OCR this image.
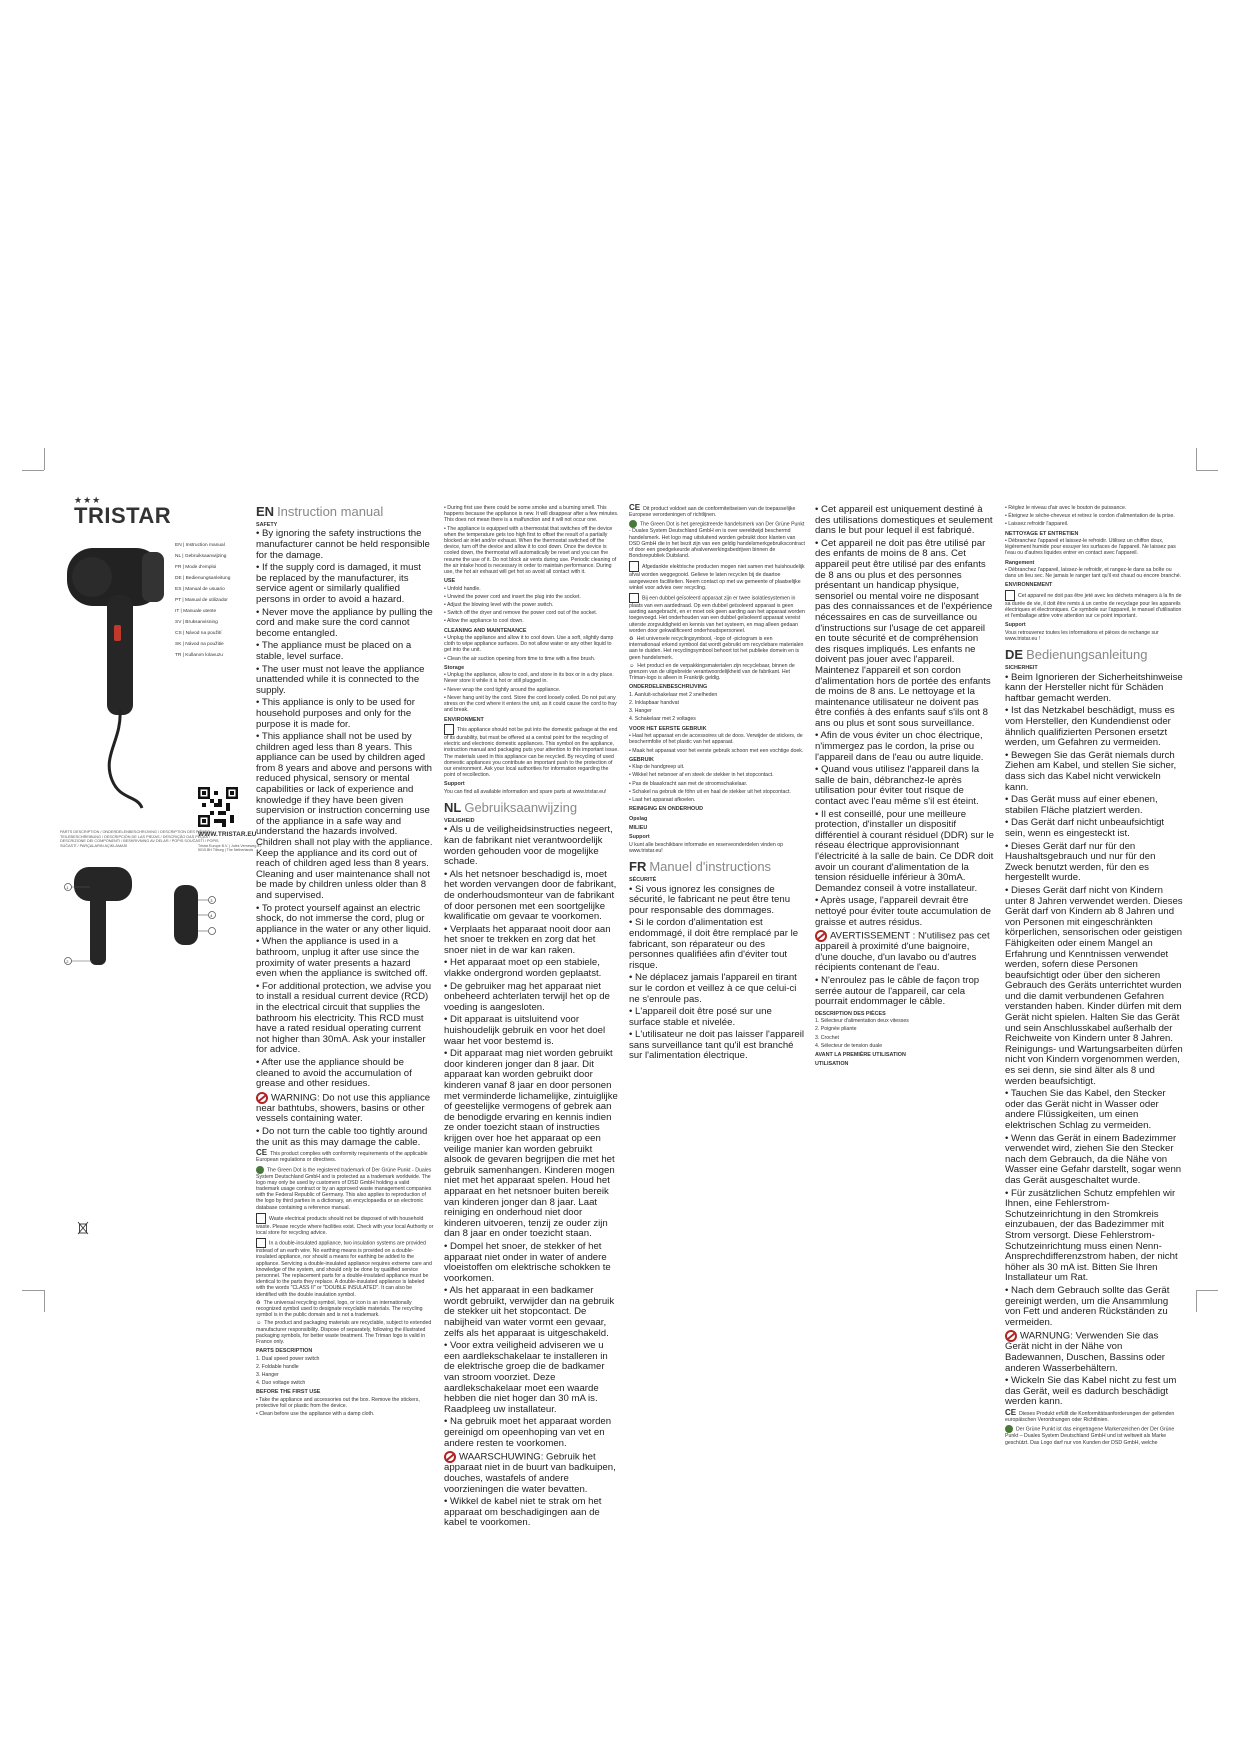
★★★
TRISTAR
EN | Instruction manual
NL | Gebruiksaanwijzing
FR | Mode d'emploi
DE | Bedienungsanleitung
ES | Manual de usuario
PT | Manual de utilizador
IT | Manuale utente
SV | Bruksanvisning
CS | Návod na použití
SK | Návod na použitie
TR | Kullanım kılavuzu
PARTS DESCRIPTION / ONDERDELENBESCHRIJVING / DESCRIPTION DES PIÈCES / TEILEBESCHREIBUNG / DESCRIPCIÓN DE LAS PIEZAS / DESCRIÇÃO DAS PEÇAS / DESCRIZIONE DEI COMPONENTI / BESKRIVNING AV DELAR / POPIS SOUČÁSTÍ / POPIS SÚČASTÍ / PARÇALARIN AÇIKLAMASI
1
2
3
4
WWW.TRISTAR.EU
Tristar Europe B.V. | Jules Verneweg 87 5015 BH Tilburg | The Netherlands
EN Instruction manual
SAFETY

• By ignoring the safety instructions the manufacturer cannot be held responsible for the damage.

• If the supply cord is damaged, it must be replaced by the manufacturer, its service agent or similarly qualified persons in order to avoid a hazard.

• Never move the appliance by pulling the cord and make sure the cord cannot become entangled.

• The appliance must be placed on a stable, level surface.

• The user must not leave the appliance unattended while it is connected to the supply.

• This appliance is only to be used for household purposes and only for the purpose it is made for.

• This appliance shall not be used by children aged less than 8 years. This appliance can be used by children aged from 8 years and above and persons with reduced physical, sensory or mental capabilities or lack of experience and knowledge if they have been given supervision or instruction concerning use of the appliance in a safe way and understand the hazards involved. Children shall not play with the appliance. Keep the appliance and its cord out of reach of children aged less than 8 years. Cleaning and user maintenance shall not be made by children unless older than 8 and supervised.

• To protect yourself against an electric shock, do not immerse the cord, plug or appliance in the water or any other liquid.

• When the appliance is used in a bathroom, unplug it after use since the proximity of water presents a hazard even when the appliance is switched off.

• For additional protection, we advise you to install a residual current device (RCD) in the electrical circuit that supplies the bathroom his electricity. This RCD must have a rated residual operating current not higher than 30mA. Ask your installer for advice.

• After use the appliance should be cleaned to avoid the accumulation of grease and other residues.

WARNING: Do not use this appliance near bathtubs, showers, basins or other vessels containing water.

• Do not turn the cable too tightly around the unit as this may damage the cable.

CE This product complies with conformity requirements of the applicable European regulations or directives.

The Green Dot is the registered trademark of Der Grüne Punkt - Duales System Deutschland GmbH and is protected as a trademark worldwide. The logo may only be used by customers of DSD GmbH holding a valid trademark usage contract or by an approved waste management companies with the Federal Republic of Germany. This also applies to reproduction of the logo by third parties in a dictionary, an encyclopaedia or an electronic database containing a reference manual.

Waste electrical products should not be disposed of with household waste. Please recycle where facilities exist. Check with your local Authority or local store for recycling advice.

In a double-insulated appliance, two insulation systems are provided instead of an earth wire. No earthing means is provided on a double-insulated appliance, nor should a means for earthing be added to the appliance. Servicing a double-insulated appliance requires extreme care and knowledge of the system, and should only be done by qualified service personnel. The replacement parts for a double-insulated appliance must be identical to the parts they replace. A double-insulated appliance is labeled with the words "CLASS II" or "DOUBLE INSULATED". It can also be identified with the double insulation symbol.

♻ The universal recycling symbol, logo, or icon is an internationally recognized symbol used to designate recyclable materials. The recycling symbol is in the public domain and is not a trademark.

☺ The product and packaging materials are recyclable, subject to extended manufacturer responsibility. Dispose of separately, following the illustrated packaging symbols, for better waste treatment. The Triman logo is valid in France only.

PARTS DESCRIPTION

1. Dual speed power switch

2. Foldable handle

3. Hanger

4. Duo voltage switch

BEFORE THE FIRST USE

• Take the appliance and accessories out the box. Remove the stickers, protective foil or plastic from the device.

• Clean before use the appliance with a damp cloth.

• During first use there could be some smoke and a burning smell. This happens because the appliance is new. It will disappear after a few minutes. This does not mean there is a malfunction and it will not occur one.

• The appliance is equipped with a thermostat that switches off the device when the temperature gets too high first to offset the result of a partially blocked air inlet and/or exhaust. When the thermostat switched off the device, turn off the device and allow it to cool down. Once the device is cooled down, the thermostat will automatically be reset and you can the resume the use of it. Do not block air vents during use. Periodic cleaning of the air intake hood is necessary in order to maintain performance. During use, the hot air exhaust will get hot so avoid all contact with it.

USE

• Unfold handle.

• Unwind the power cord and insert the plug into the socket.

• Adjust the blowing level with the power switch.

• Switch off the dryer and remove the power cord out of the socket.

• Allow the appliance to cool down.

CLEANING AND MAINTENANCE

• Unplug the appliance and allow it to cool down. Use a soft, slightly damp cloth to wipe appliance surfaces. Do not allow water or any other liquid to get into the unit.

• Clean the air suction opening from time to time with a fine brush.

Storage

• Unplug the appliance, allow to cool, and store in its box or in a dry place. Never store it while it is hot or still plugged in.

• Never wrap the cord tightly around the appliance.

• Never hang unit by the cord. Store the cord loosely coiled. Do not put any stress on the cord where it enters the unit, as it could cause the cord to fray and break.

ENVIRONMENT

This appliance should not be put into the domestic garbage at the end of its durability, but must be offered at a central point for the recycling of electric and electronic domestic appliances. This symbol on the appliance, instruction manual and packaging puts your attention to this important issue. The materials used in this appliance can be recycled. By recycling of used domestic appliances you contribute an important push to the protection of our environment. Ask your local authorities for information regarding the point of recollection.

Support

You can find all available information and spare parts at www.tristar.eu!

NL Gebruiksaanwijzing
VEILIGHEID

• Als u de veiligheidsinstructies negeert, kan de fabrikant niet verantwoordelijk worden gehouden voor de mogelijke schade.

• Als het netsnoer beschadigd is, moet het worden vervangen door de fabrikant, de onderhoudsmonteur van de fabrikant of door personen met een soortgelijke kwalificatie om gevaar te voorkomen.

• Verplaats het apparaat nooit door aan het snoer te trekken en zorg dat het snoer niet in de war kan raken.

• Het apparaat moet op een stabiele, vlakke ondergrond worden geplaatst.

• De gebruiker mag het apparaat niet onbeheerd achterlaten terwijl het op de voeding is aangesloten.

• Dit apparaat is uitsluitend voor huishoudelijk gebruik en voor het doel waar het voor bestemd is.

• Dit apparaat mag niet worden gebruikt door kinderen jonger dan 8 jaar. Dit apparaat kan worden gebruikt door kinderen vanaf 8 jaar en door personen met verminderde lichamelijke, zintuiglijke of geestelijke vermogens of gebrek aan de benodigde ervaring en kennis indien ze onder toezicht staan of instructies krijgen over hoe het apparaat op een veilige manier kan worden gebruikt alsook de gevaren begrijpen die met het gebruik samenhangen. Kinderen mogen niet met het apparaat spelen. Houd het apparaat en het netsnoer buiten bereik van kinderen jonger dan 8 jaar. Laat reiniging en onderhoud niet door kinderen uitvoeren, tenzij ze ouder zijn dan 8 jaar en onder toezicht staan.

• Dompel het snoer, de stekker of het apparaat niet onder in water of andere vloeistoffen om elektrische schokken te voorkomen.

• Als het apparaat in een badkamer wordt gebruikt, verwijder dan na gebruik de stekker uit het stopcontact. De nabijheid van water vormt een gevaar, zelfs als het apparaat is uitgeschakeld.

• Voor extra veiligheid adviseren we u een aardlekschakelaar te installeren in de elektrische groep die de badkamer van stroom voorziet. Deze aardlekschakelaar moet een waarde hebben die niet hoger dan 30 mA is. Raadpleeg uw installateur.

• Na gebruik moet het apparaat worden gereinigd om opeenhoping van vet en andere resten te voorkomen.

WAARSCHUWING: Gebruik het apparaat niet in de buurt van badkuipen, douches, wastafels of andere voorzieningen die water bevatten.

• Wikkel de kabel niet te strak om het apparaat om beschadigingen aan de kabel te voorkomen.

CE Dit product voldoet aan de conformiteitseisen van de toepasselijke Europese verordeningen of richtlijnen.

The Green Dot is het geregistreerde handelsmerk van Der Grüne Punkt - Duales System Deutschland GmbH en is over wereldwijd beschermd handelsmerk. Het logo mag uitsluitend worden gebruikt door klanten van DSD GmbH die in het bezit zijn van een geldig handelsmerkgebruikscontract of door een goedgekeurde afvalverwerkingsbedrijven binnen de Bondsrepubliek Duitsland.

Afgedankte elektrische producten mogen niet samen met huishoudelijk afval worden weggegooid. Gelieve te laten recyclen bij de daartoe aangewezen faciliteiten. Neem contact op met uw gemeente of plaatselijke winkel voor advies over recycling.

Bij een dubbel geïsoleerd apparaat zijn er twee isolatiesystemen in plaats van een aardedraad. Op een dubbel geïsoleerd apparaat is geen aarding aangebracht, en er moet ook geen aarding aan het apparaat worden toegevoegd. Het onderhouden van een dubbel geïsoleerd apparaat vereist uiterste zorgvuldigheid en kennis van het systeem, en mag alleen gedaan worden door gekwalificeerd onderhoudspersoneel.

♻ Het universele recyclingsymbool, -logo of -pictogram is een internationaal erkend symbool dat wordt gebruikt om recyclebare materialen aan te duiden. Het recyclingsymbool behoort tot het publieke domein en is geen handelsmerk.

☺ Het product en de verpakkingsmaterialen zijn recyclebaar, binnen de grenzen van de uitgebreide verantwoordelijkheid van de fabrikant. Het Triman-logo is alleen in Frankrijk geldig.

ONDERDELENBESCHRIJVING

1. Aan/uit-schakelaar met 2 snelheden

2. Inklapbaar handvat

3. Hanger

4. Schakelaar met 2 voltages

VOOR HET EERSTE GEBRUIK

• Haal het apparaat en de accessoires uit de doos. Verwijder de stickers, de beschermfolie of het plastic van het apparaat.

• Maak het apparaat voor het eerste gebruik schoon met een vochtige doek.

GEBRUIK

• Klap de handgreep uit.

• Wikkel het netsnoer af en steek de stekker in het stopcontact.

• Pas de blaaskracht aan met de stroomschakelaar.

• Schakel na gebruik de föhn uit en haal de stekker uit het stopcontact.

• Laat het apparaat afkoelen.

REINIGING EN ONDERHOUD
Opslag
MILIEU
Support

U kunt alle beschikbare informatie en reserveonderdelen vinden op www.tristar.eu!

FR Manuel d'instructions
SÉCURITÉ

• Si vous ignorez les consignes de sécurité, le fabricant ne peut être tenu pour responsable des dommages.

• Si le cordon d'alimentation est endommagé, il doit être remplacé par le fabricant, son réparateur ou des personnes qualifiées afin d'éviter tout risque.

• Ne déplacez jamais l'appareil en tirant sur le cordon et veillez à ce que celui-ci ne s'enroule pas.

• L'appareil doit être posé sur une surface stable et nivelée.

• L'utilisateur ne doit pas laisser l'appareil sans surveillance tant qu'il est branché sur l'alimentation électrique.

• Cet appareil est uniquement destiné à des utilisations domestiques et seulement dans le but pour lequel il est fabriqué.

• Cet appareil ne doit pas être utilisé par des enfants de moins de 8 ans. Cet appareil peut être utilisé par des enfants de 8 ans ou plus et des personnes présentant un handicap physique, sensoriel ou mental voire ne disposant pas des connaissances et de l'expérience nécessaires en cas de surveillance ou d'instructions sur l'usage de cet appareil en toute sécurité et de compréhension des risques impliqués. Les enfants ne doivent pas jouer avec l'appareil. Maintenez l'appareil et son cordon d'alimentation hors de portée des enfants de moins de 8 ans. Le nettoyage et la maintenance utilisateur ne doivent pas être confiés à des enfants sauf s'ils ont 8 ans ou plus et sont sous surveillance.

• Afin de vous éviter un choc électrique, n'immergez pas le cordon, la prise ou l'appareil dans de l'eau ou autre liquide.

• Quand vous utilisez l'appareil dans la salle de bain, débranchez-le après utilisation pour éviter tout risque de contact avec l'eau même s'il est éteint.

• Il est conseillé, pour une meilleure protection, d'installer un dispositif différentiel à courant résiduel (DDR) sur le réseau électrique approvisionnant l'électricité à la salle de bain. Ce DDR doit avoir un courant d'alimentation de la tension résiduelle inférieur à 30mA. Demandez conseil à votre installateur.

• Après usage, l'appareil devrait être nettoyé pour éviter toute accumulation de graisse et autres résidus.

AVERTISSEMENT : N'utilisez pas cet appareil à proximité d'une baignoire, d'une douche, d'un lavabo ou d'autres récipients contenant de l'eau.

• N'enroulez pas le câble de façon trop serrée autour de l'appareil, car cela pourrait endommager le câble.

DESCRIPTION DES PIÈCES

1. Sélecteur d'alimentation deux vitesses

2. Poignée pliante

3. Crochet

4. Sélecteur de tension duale

AVANT LA PREMIÈRE UTILISATION
UTILISATION

• Réglez le niveau d'air avec le bouton de puissance.

• Éteignez le sèche-cheveux et retirez le cordon d'alimentation de la prise.

• Laissez refroidir l'appareil.

NETTOYAGE ET ENTRETIEN

• Débranchez l'appareil et laissez-le refroidir. Utilisez un chiffon doux, légèrement humide pour essuyer les surfaces de l'appareil. Ne laissez pas l'eau ou d'autres liquides entrer en contact avec l'appareil.

Rangement

• Débranchez l'appareil, laissez-le refroidir, et rangez-le dans sa boîte ou dans un lieu sec. Ne jamais le ranger tant qu'il est chaud ou encore branché.

ENVIRONNEMENT

Cet appareil ne doit pas être jeté avec les déchets ménagers à la fin de sa durée de vie, il doit être remis à un centre de recyclage pour les appareils électriques et électroniques. Ce symbole sur l'appareil, le manuel d'utilisation et l'emballage attire votre attention sur ce point important.

Support

Vous retrouverez toutes les informations et pièces de rechange sur www.tristar.eu !

DE Bedienungsanleitung
SICHERHEIT

• Beim Ignorieren der Sicherheitshinweise kann der Hersteller nicht für Schäden haftbar gemacht werden.

• Ist das Netzkabel beschädigt, muss es vom Hersteller, den Kundendienst oder ähnlich qualifizierten Personen ersetzt werden, um Gefahren zu vermeiden.

• Bewegen Sie das Gerät niemals durch Ziehen am Kabel, und stellen Sie sicher, dass sich das Kabel nicht verwickeln kann.

• Das Gerät muss auf einer ebenen, stabilen Fläche platziert werden.

• Das Gerät darf nicht unbeaufsichtigt sein, wenn es eingesteckt ist.

• Dieses Gerät darf nur für den Haushaltsgebrauch und nur für den Zweck benutzt werden, für den es hergestellt wurde.

• Dieses Gerät darf nicht von Kindern unter 8 Jahren verwendet werden. Dieses Gerät darf von Kindern ab 8 Jahren und von Personen mit eingeschränkten körperlichen, sensorischen oder geistigen Fähigkeiten oder einem Mangel an Erfahrung und Kenntnissen verwendet werden, sofern diese Personen beaufsichtigt oder über den sicheren Gebrauch des Geräts unterrichtet wurden und die damit verbundenen Gefahren verstanden haben. Kinder dürfen mit dem Gerät nicht spielen. Halten Sie das Gerät und sein Anschlusskabel außerhalb der Reichweite von Kindern unter 8 Jahren. Reinigungs- und Wartungsarbeiten dürfen nicht von Kindern vorgenommen werden, es sei denn, sie sind älter als 8 und werden beaufsichtigt.

• Tauchen Sie das Kabel, den Stecker oder das Gerät nicht in Wasser oder andere Flüssigkeiten, um einen elektrischen Schlag zu vermeiden.

• Wenn das Gerät in einem Badezimmer verwendet wird, ziehen Sie den Stecker nach dem Gebrauch, da die Nähe von Wasser eine Gefahr darstellt, sogar wenn das Gerät ausgeschaltet wurde.

• Für zusätzlichen Schutz empfehlen wir Ihnen, eine Fehlerstrom-Schutzeinrichtung in den Stromkreis einzubauen, der das Badezimmer mit Strom versorgt. Diese Fehlerstrom-Schutzeinrichtung muss einen Nenn-Ansprechdifferenzstrom haben, der nicht höher als 30 mA ist. Bitten Sie Ihren Installateur um Rat.

• Nach dem Gebrauch sollte das Gerät gereinigt werden, um die Ansammlung von Fett und anderen Rückständen zu vermeiden.

WARNUNG: Verwenden Sie das Gerät nicht in der Nähe von Badewannen, Duschen, Bassins oder anderen Wasserbehältern.

• Wickeln Sie das Kabel nicht zu fest um das Gerät, weil es dadurch beschädigt werden kann.

CE Dieses Produkt erfüllt die Konformitätsanforderungen der geltenden europäischen Verordnungen oder Richtlinien.

Der Grüne Punkt ist das eingetragene Markenzeichen der Der Grüne Punkt – Duales System Deutschland GmbH und ist weltweit als Marke geschützt. Das Logo darf nur von Kunden der DSD GmbH, welche
